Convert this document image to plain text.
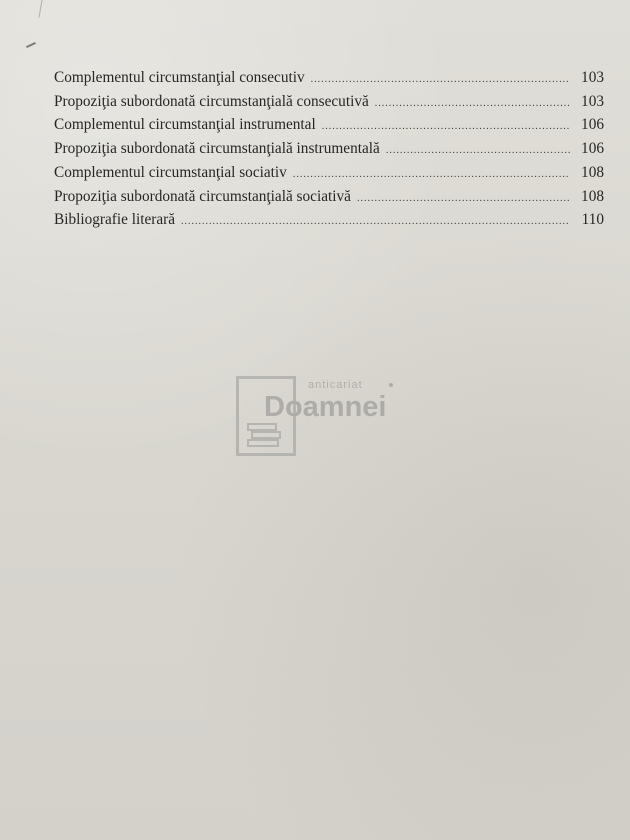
Complementul circumstanţial consecutiv .....	103
Propoziţia subordonată circumstanţială consecutivă .....	103
Complementul circumstanţial instrumental .....	106
Propoziţia subordonată circumstanţială instrumentală .....	106
Complementul circumstanţial sociativ .....	108
Propoziţia subordonată circumstanţială sociativă .....	108
Bibliografie literară .....	110
anticariat
Doamnei
